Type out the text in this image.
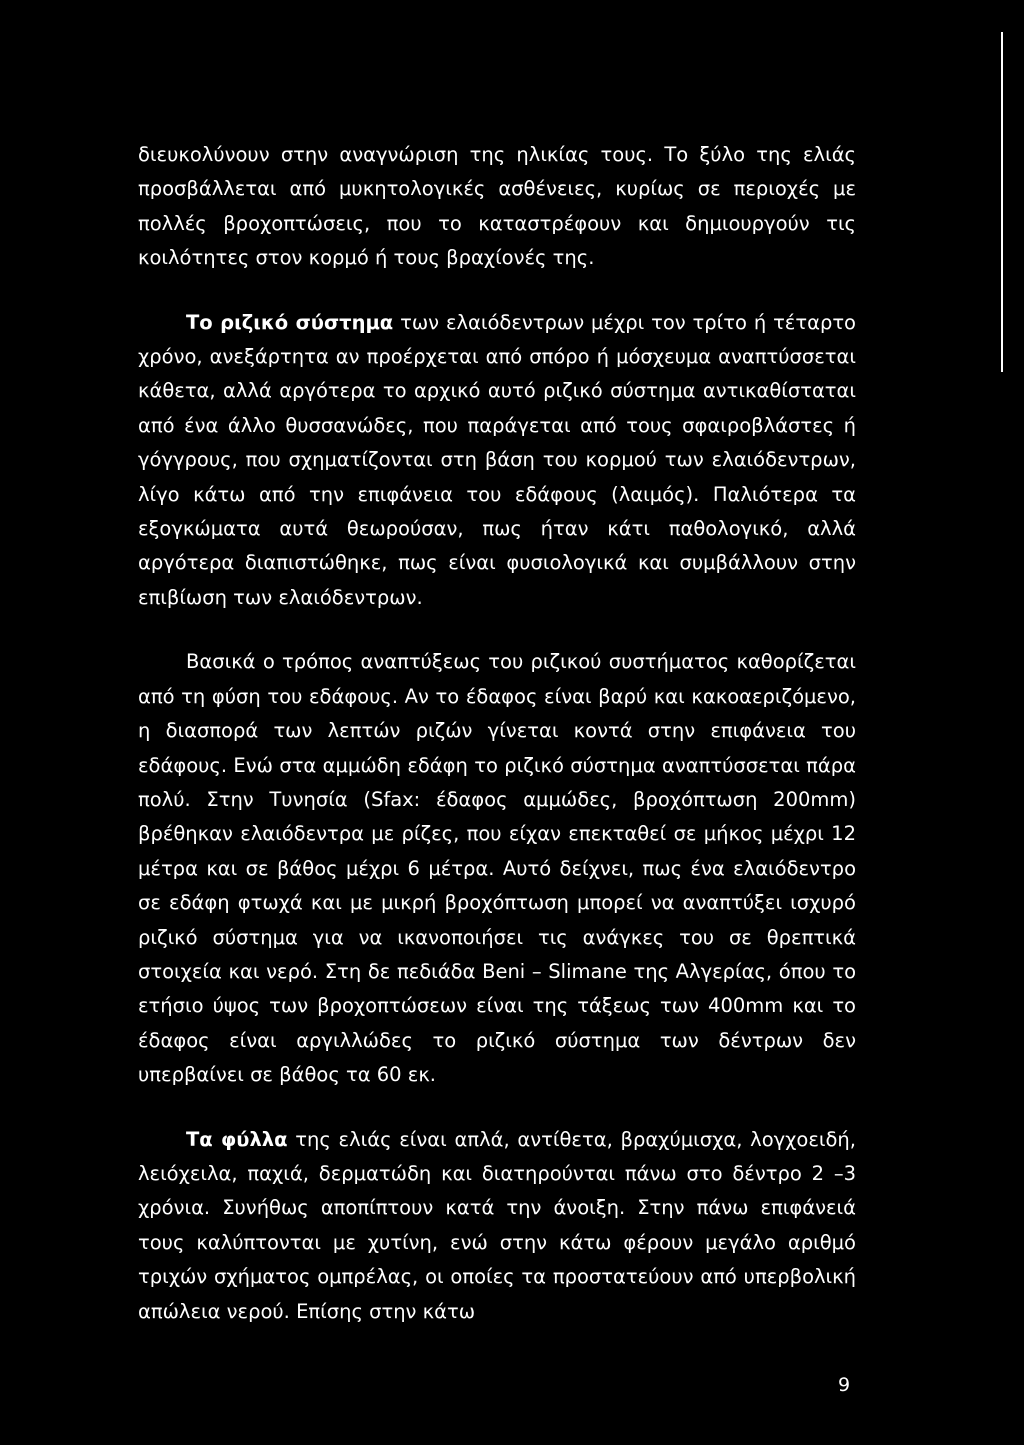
διευκολύνουν στην αναγνώριση της ηλικίας τους. Το ξύλο της ελιάς προσβάλλεται από μυκητολογικές ασθένειες, κυρίως σε περιοχές με πολλές βροχοπτώσεις, που το καταστρέφουν και δημιουργούν τις κοιλότητες στον κορμό ή τους βραχίονές της.

Το ριζικό σύστημα των ελαιόδεντρων μέχρι τον τρίτο ή τέταρτο χρόνο, ανεξάρτητα αν προέρχεται από σπόρο ή μόσχευμα αναπτύσσεται κάθετα, αλλά αργότερα το αρχικό αυτό ριζικό σύστημα αντικαθίσταται από ένα άλλο θυσσανώδες, που παράγεται από τους σφαιροβλάστες ή γόγγρους, που σχηματίζονται στη βάση του κορμού των ελαιόδεντρων, λίγο κάτω από την επιφάνεια του εδάφους (λαιμός). Παλιότερα τα εξογκώματα αυτά θεωρούσαν, πως ήταν κάτι παθολογικό, αλλά αργότερα διαπιστώθηκε, πως είναι φυσιολογικά και συμβάλλουν στην επιβίωση των ελαιόδεντρων.

Βασικά ο τρόπος αναπτύξεως του ριζικού συστήματος καθορίζεται από τη φύση του εδάφους. Αν το έδαφος είναι βαρύ και κακοαεριζόμενο, η διασπορά των λεπτών ριζών γίνεται κοντά στην επιφάνεια του εδάφους. Ενώ στα αμμώδη εδάφη το ριζικό σύστημα αναπτύσσεται πάρα πολύ. Στην Τυνησία (Sfax: έδαφος αμμώδες, βροχόπτωση 200mm) βρέθηκαν ελαιόδεντρα με ρίζες, που είχαν επεκταθεί σε μήκος μέχρι 12 μέτρα και σε βάθος μέχρι 6 μέτρα. Αυτό δείχνει, πως ένα ελαιόδεντρο σε εδάφη φτωχά και με μικρή βροχόπτωση μπορεί να αναπτύξει ισχυρό ριζικό σύστημα για να ικανοποιήσει τις ανάγκες του σε θρεπτικά στοιχεία και νερό. Στη δε πεδιάδα Beni – Slimane της Αλγερίας, όπου το ετήσιο ύψος των βροχοπτώσεων είναι της τάξεως των 400mm και το έδαφος είναι αργιλλώδες το ριζικό σύστημα των δέντρων δεν υπερβαίνει σε βάθος τα 60 εκ.

Τα φύλλα της ελιάς είναι απλά, αντίθετα, βραχύμισχα, λογχοειδή, λειόχειλα, παχιά, δερματώδη και διατηρούνται πάνω στο δέντρο 2 –3 χρόνια. Συνήθως αποπίπτουν κατά την άνοιξη. Στην πάνω επιφάνειά τους καλύπτονται με χυτίνη, ενώ στην κάτω φέρουν μεγάλο αριθμό τριχών σχήματος ομπρέλας, οι οποίες τα προστατεύουν από υπερβολική απώλεια νερού. Επίσης στην κάτω

9
